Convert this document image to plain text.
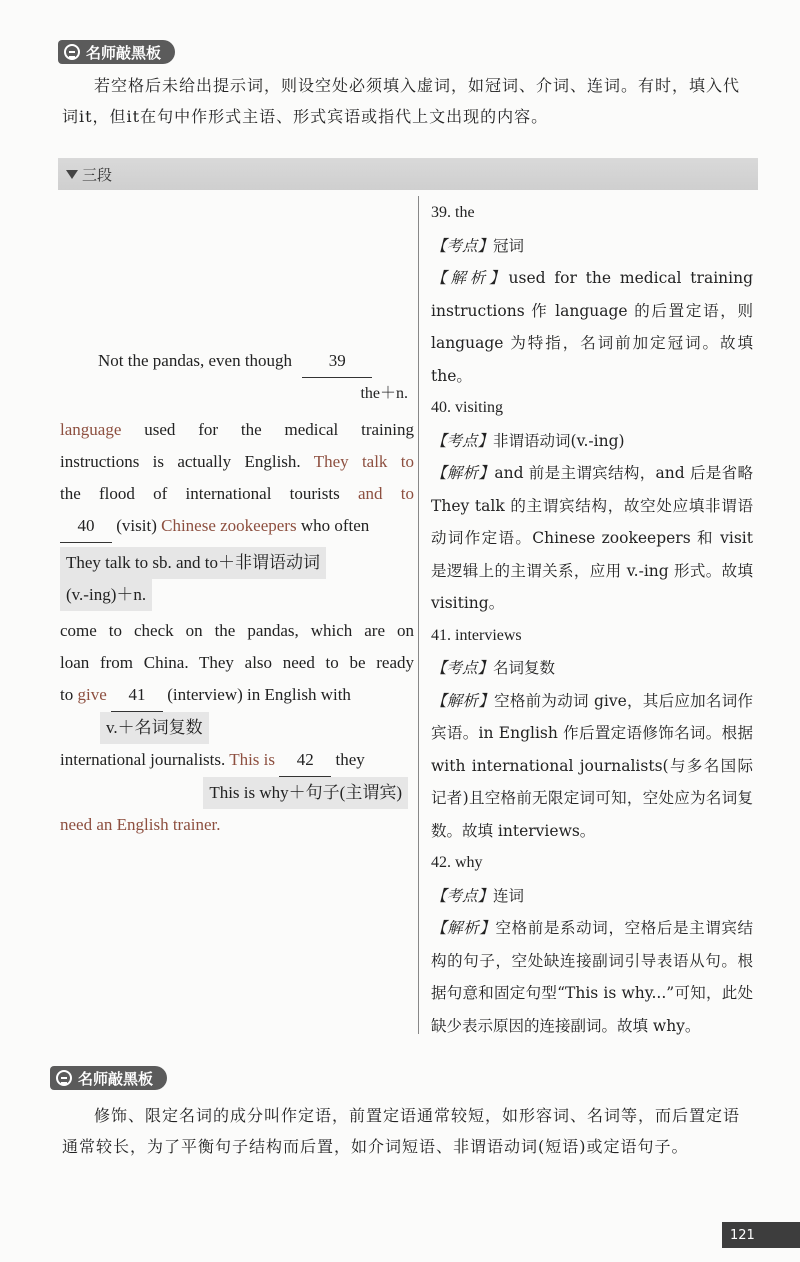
名师敲黑板
若空格后未给出提示词，则设空处必须填入虚词，如冠词、介词、连词。有时，填入代词it，但it在句中作形式主语、形式宾语或指代上文出现的内容。
三段
Not the pandas, even though 39
the＋n.
language used for the medical training
instructions is actually English. They talk to
the flood of international tourists and to
40 (visit) Chinese zookeepers who often
They talk to sb. and to＋非谓语动词
(v.-ing)＋n.
come to check on the pandas, which are on
loan from China. They also need to be ready
to give 41 (interview) in English with
v.＋名词复数
international journalists. This is 42 they
This is why＋句子(主谓宾)
need an English trainer.
39. the
【考点】冠词
【解析】used for the medical training instructions 作 language 的后置定语，则 language 为特指，名词前加定冠词。故填 the。
40. visiting
【考点】非谓语动词(v.-ing)
【解析】and 前是主谓宾结构，and 后是省略 They talk 的主谓宾结构，故空处应填非谓语动词作定语。Chinese zookeepers 和 visit 是逻辑上的主谓关系，应用 v.-ing 形式。故填 visiting。
41. interviews
【考点】名词复数
【解析】空格前为动词 give，其后应加名词作宾语。in English 作后置定语修饰名词。根据 with international journalists(与多名国际记者)且空格前无限定词可知，空处应为名词复数。故填 interviews。
42. why
【考点】连词
【解析】空格前是系动词，空格后是主谓宾结构的句子，空处缺连接副词引导表语从句。根据句意和固定句型“This is why...”可知，此处缺少表示原因的连接副词。故填 why。
名师敲黑板
修饰、限定名词的成分叫作定语，前置定语通常较短，如形容词、名词等，而后置定语通常较长，为了平衡句子结构而后置，如介词短语、非谓语动词(短语)或定语句子。
121
